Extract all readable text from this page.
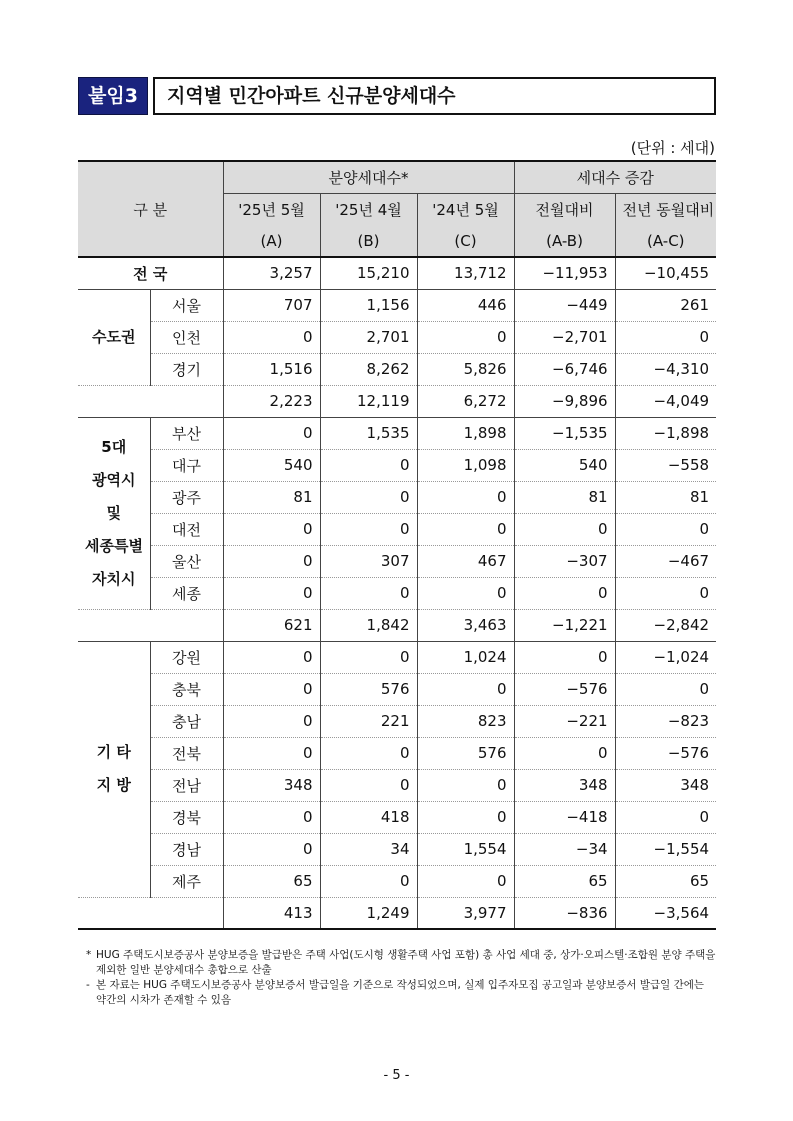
붙임3	지역별 민간아파트 신규분양세대수
(단위 : 세대)
구 분		분양세대수*			세대수 증감	
		'25년 5월	'25년 4월	'24년 5월	전월대비	전년 동월대비
		(A)	(B)	(C)	(A-B)	(A-C)
전 국		3,257	15,210	13,712	−11,953	−10,455
수도권	서울	707	1,156	446	−449	261
	인천	0	2,701	0	−2,701	0
	경기	1,516	8,262	5,826	−6,746	−4,310
		2,223	12,119	6,272	−9,896	−4,049

5대
광역시
및
세종특별
자치시	부산	0	1,535	1,898	−1,535	−1,898
	대구	540	0	1,098	540	−558
	광주	81	0	0	81	81
	대전	0	0	0	0	0
	울산	0	307	467	−307	−467
	세종	0	0	0	0	0
		621	1,842	3,463	−1,221	−2,842

기 타
지 방	강원	0	0	1,024	0	−1,024
	충북	0	576	0	−576	0
	충남	0	221	823	−221	−823
	전북	0	0	576	0	−576
	전남	348	0	0	348	348
	경북	0	418	0	−418	0
	경남	0	34	1,554	−34	−1,554
	제주	65	0	0	65	65
		413	1,249	3,977	−836	−3,564
* HUG 주택도시보증공사 분양보증을 발급받은 주택 사업(도시형 생활주택 사업 포함) 총 사업 세대 중, 상가·오피스텔·조합원 분양 주택을 제외한 일반 분양세대수 총합으로 산출
- 본 자료는 HUG 주택도시보증공사 분양보증서 발급일을 기준으로 작성되었으며, 실제 입주자모집 공고일과 분양보증서 발급일 간에는 약간의 시차가 존재할 수 있음
- 5 -
